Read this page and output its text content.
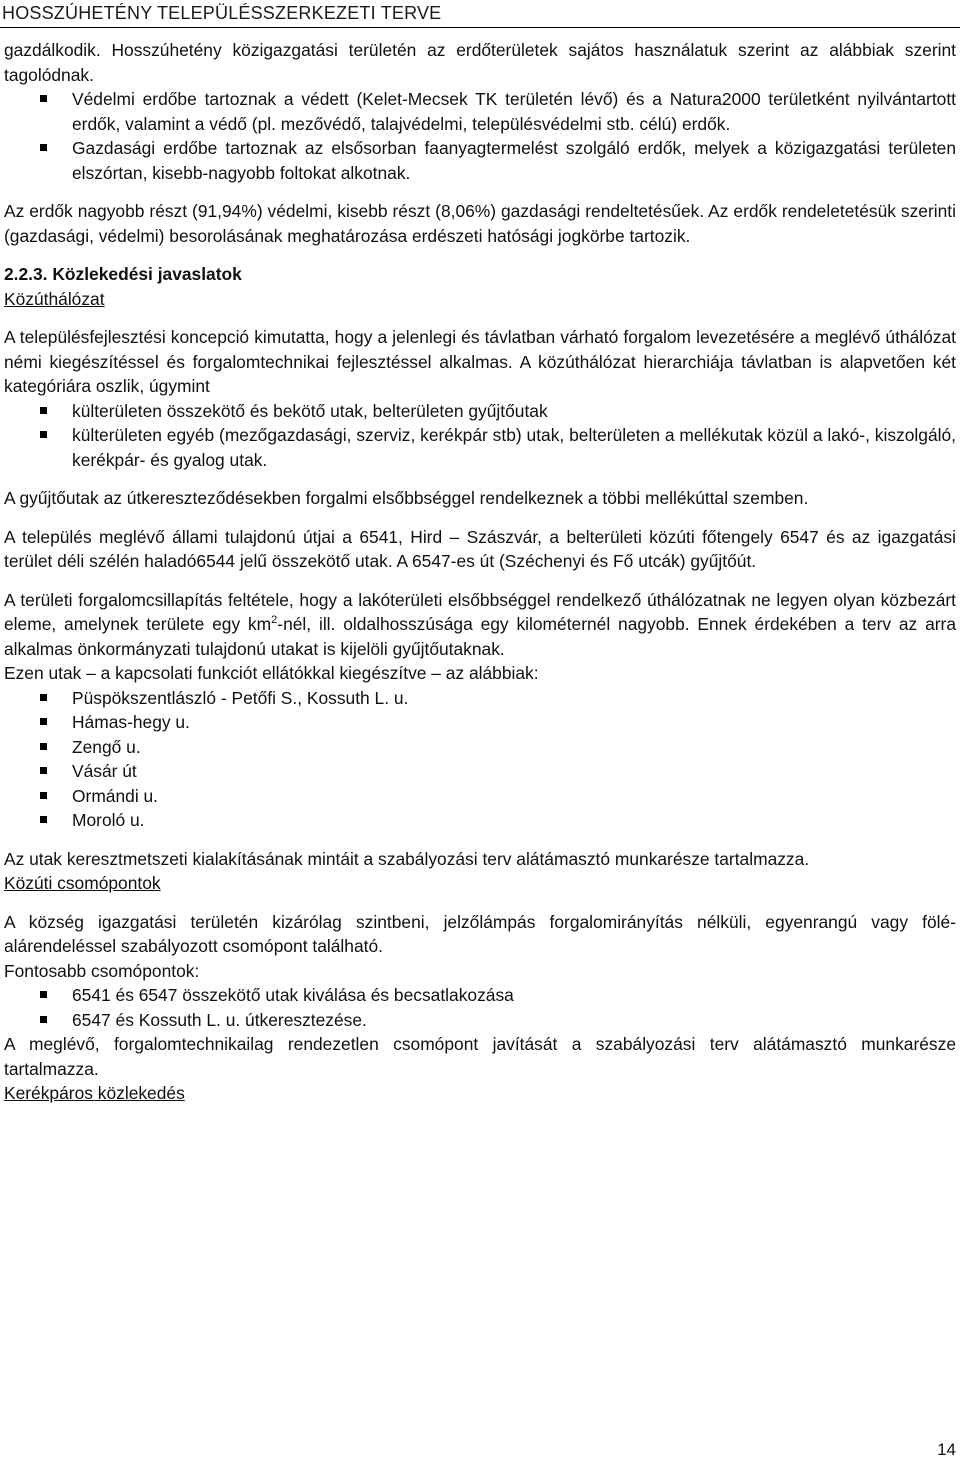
HOSSZÚHETÉNY TELEPÜLÉSSZERKEZETI TERVE

gazdálkodik. Hosszúhetény közigazgatási területén az erdőterületek sajátos használatuk szerint az alábbiak szerint tagolódnak.

Védelmi erdőbe tartoznak a védett (Kelet-Mecsek TK területén lévő) és a Natura2000 területként nyilvántartott erdők, valamint a védő (pl. mezővédő, talajvédelmi, településvédelmi stb. célú) erdők.
Gazdasági erdőbe tartoznak az elsősorban faanyagtermelést szolgáló erdők, melyek a közigazgatási területen elszórtan, kisebb-nagyobb foltokat alkotnak.

Az erdők nagyobb részt (91,94%) védelmi, kisebb részt (8,06%) gazdasági rendeltetésűek. Az erdők rendeletetésük szerinti (gazdasági, védelmi) besorolásának meghatározása erdészeti hatósági jogkörbe tartozik.

2.2.3. Közlekedési javaslatok

Közúthálózat

A településfejlesztési koncepció kimutatta, hogy a jelenlegi és távlatban várható forgalom levezetésére a meglévő úthálózat némi kiegészítéssel és forgalomtechnikai fejlesztéssel alkalmas. A közúthálózat hierarchiája távlatban is alapvetően két kategóriára oszlik, úgymint

külterületen összekötő és bekötő utak, belterületen gyűjtőutak
külterületen egyéb (mezőgazdasági, szerviz, kerékpár stb) utak, belterületen a mellékutak közül a lakó-, kiszolgáló, kerékpár- és gyalog utak.

A gyűjtőutak az útkereszteződésekben forgalmi elsőbbséggel rendelkeznek a többi mellékúttal szemben.

A település meglévő állami tulajdonú útjai a 6541, Hird – Szászvár, a belterületi közúti főtengely 6547 és az igazgatási terület déli szélén haladó6544 jelű összekötő utak. A 6547-es út (Széchenyi és Fő utcák) gyűjtőút.

A területi forgalomcsillapítás feltétele, hogy a lakóterületi elsőbbséggel rendelkező úthálózatnak ne legyen olyan közbezárt eleme, amelynek területe egy $km^2$-nél, ill. oldalhosszúsága egy kilométernél nagyobb. Ennek érdekében a terv az arra alkalmas önkormányzati tulajdonú utakat is kijelöli gyűjtőutaknak.

Ezen utak – a kapcsolati funkciót ellátókkal kiegészítve – az alábbiak:

Püspökszentlászló - Petőfi S., Kossuth L. u.
Hámas-hegy u.
Zengő u.
Vásár út
Ormándi u.
Moroló u.

Az utak keresztmetszeti kialakításának mintáit a szabályozási terv alátámasztó munkarésze tartalmazza.

Közúti csomópontok

A község igazgatási területén kizárólag szintbeni, jelzőlámpás forgalomirányítás nélküli, egyenrangú vagy fölé-alárendeléssel szabályozott csomópont található.

Fontosabb csomópontok:

6541 és 6547 összekötő utak kiválása és becsatlakozása
6547 és Kossuth L. u. útkeresztezése.

A meglévő, forgalomtechnikailag rendezetlen csomópont javítását a szabályozási terv alátámasztó munkarésze tartalmazza.

Kerékpáros közlekedés

14
